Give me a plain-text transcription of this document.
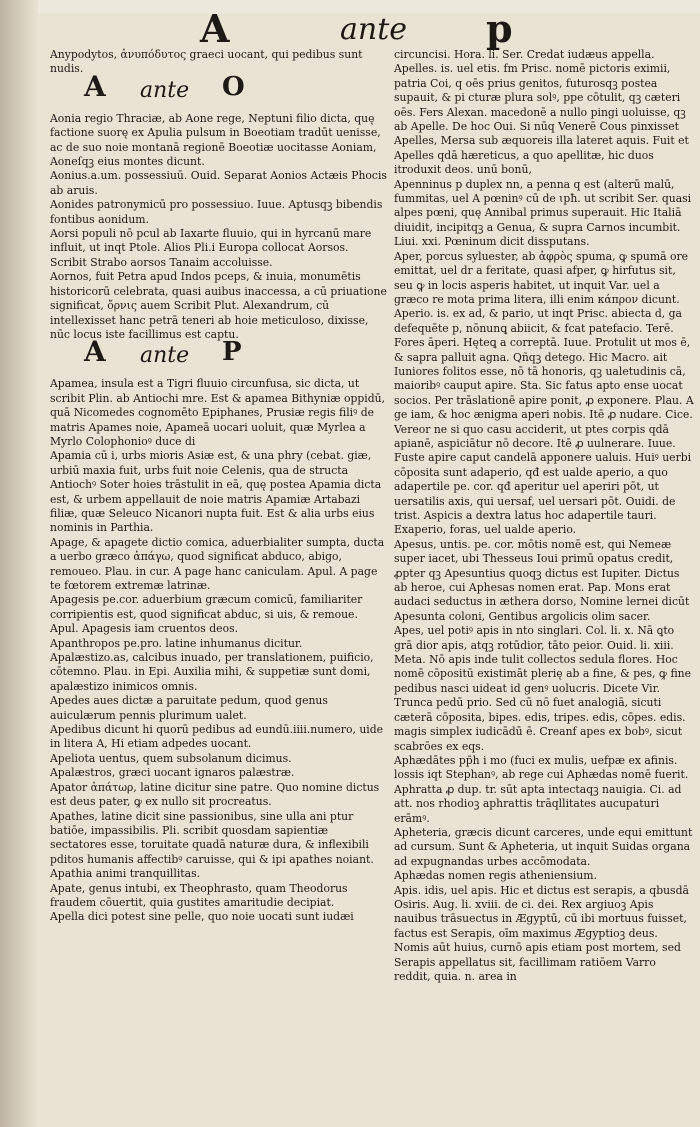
A	ante p

Anypodytos, ἀνυπόδυτος graeci uocant, qui pedibus sunt nudis.

A ante O

Aonia regio Thraciæ, ab Aone rege, Neptuni filio dicta, quę factione suorę ex Apulia pulsum in Boeotiam tradūt uenisse, ac de suo noie montanā regionē Boeotiæ uocitasse Aoniam, Aoneſqꝫ eius montes dicunt.

Aonius.a.um. possessiuū. Ouid. Separat Aonios Actæis Phocis ab aruis.

Aonides patronymicū pro possessiuo. Iuue. Aptusqꝫ bibendis fontibus aonidum.

Aorsi populi nō pcul ab Iaxarte fluuio, qui in hyrcanū mare influit, ut inqt Ptole. Alios Pli.i Europa collocat Aorsos. Scribit Strabo aorsos Tanaim accoluisse.

Aornos, fuit Petra apud Indos pceps, & inuia, monumētis historicorū celebrata, quasi auibus inaccessa, a cū priuatione significat, ὄρνις auem Scribit Plut. Alexandrum, cū intellexisset hanc petrā teneri ab hoie meticuloso, dixisse, nūc locus iste facillimus est captu.

A ante P

Apamea, insula est a Tigri fluuio circunfusa, sic dicta, ut scribit Plin. ab Antiochi mre. Est & apamea Bithyniæ oppidū, quā Nicomedes cognomēto Epiphanes, Prusiæ regis filiꝰ de matris Apames noie, Apameā uocari uoluit, quæ Myrlea a Myrlo Colophonioꝰ duce di

Apamia cū i, urbs mioris Asiæ est, & una phry (cebat. giæ, urbiū maxia fuit, urbs fuit noie Celenis, qua de structa Antiochꝰ Soter hoies trāstulit in eā, quę postea Apamia dicta est, & urbem appellauit de noie matris Apamiæ Artabazi filiæ, quæ Seleuco Nicanori nupta fuit. Est & alia urbs eius nominis in Parthia.

Apage, & apagete dictio comica, aduerbialiter sumpta, ducta a uerbo græco ἀπάγω, quod significat abduco, abigo, remoueo. Plau. in cur. A page hanc caniculam. Apul. A page te fœtorem extremæ latrinæ.

Apagesis pe.cor. aduerbium græcum comicū, familiariter corripientis est, quod significat abduc, si uis, & remoue. Apul. Apagesis iam cruentos deos.

Apanthropos pe.pro. latine inhumanus dicitur.

Apalæstizo.as, calcibus inuado, per translationem, puificio, cōtemno. Plau. in Epi. Auxilia mihi, & suppetiæ sunt domi, apalæstizo inimicos omnis.

Apedes aues dictæ a paruitate pedum, quod genus auiculærum pennis plurimum ualet.

Apedibus dicunt hi quorū pedibus ad eundū.iiii.numero, uide in litera A, Hi etiam adpedes uocant.

Apeliota uentus, quem subsolanum dicimus.

Apalæstros, græci uocant ignaros palæstræ.

Apator ἀπάτωρ, latine dicitur sine patre. Quo nomine dictus est deus pater, ꝙ ex nullo sit procreatus.

Apathes, latine dicit sine passionibus, sine ulla ani ptur batiōe, impassibilis. Pli. scribit quosdam sapientiæ sectatores esse, toruitate quadā naturæ dura, & inflexibili pditos humanis affectibꝰ caruisse, qui & ipi apathes noiant. Apathia animi tranquillitas.

Apate, genus intubi, ex Theophrasto, quam Theodorus fraudem cōuertit, quia gustites amaritudie decipiat.

Apella dici potest sine pelle, quo noie uocati sunt iudæi

circuncisi. Hora. li. Ser. Credat iudæus appella.

Apelles. is. uel etis. fm Prisc. nomē pictoris eximii, patria Coi, q oēs prius genitos, futurosqꝫ postea supauit, & pi cturæ plura solꝰ, ppe cōtulit, qꝫ cæteri oēs. Fers Alexan. macedonē a nullo pingi uoluisse, qꝫ ab Apelle. De hoc Oui. Si nūq Venerē Cous pinxisset Apelles, Mersa sub æquoreis illa lateret aquis. Fuit et Apelles qdā hæreticus, a quo apellitæ, hic duos itroduxit deos. unū bonū,

Apenninus p duplex nn, a penna q est (alterū malū, fummitas, uel A pœninꝰ cū de ɩpħ. ut scribit Ser. quasi alpes pœni, quę Annibal primus superauit. Hic Italiā diuidit, incipitqꝫ a Genua, & supra Carnos incumbit. Liui. xxi. Pœninum dicit dissputans.

Aper, porcus syluester, ab ἀφρὸς spuma, ꝙ spumā ore emittat, uel dr a feritate, quasi afper, ꝙ hirfutus sit, seu ꝙ in locis asperis habitet, ut inquit Var. uel a græco re mota prima litera, illi enim κάπρον dicunt.

Aperio. is. ex ad, & pario, ut inqt Prisc. abiecta d, ga defequēte p, nōnunꝗ abiicit, & fcat patefacio. Terē. Fores āperi. Hęteꝗ a correptā. Iuue. Protulit ut mos ē, & sapra palluit agna. Qñqꝫ detego. Hic Macro. ait Iuniores folitos esse, nō tā honoris, qꝫ ualetudinis cā, maioribꝰ cauput apire. Sta. Sic fatus apto ense uocat socios. Per trāslationē apire ponit, ꝓ exponere. Plau. A ge iam, & hoc ænigma aperi nobis. Itē ꝓ nudare. Cice. Vereor ne si quo casu acciderit, ut ptes corpis qdā apianē, aspiciātur nō decore. Itē ꝓ uulnerare. Iuue. Fuste apire caput candelā apponere ualuis. Huiꝰ uerbi cōposita sunt adaperio, qđ est ualde aperio, a quo adapertile pe. cor. qđ aperitur uel aperiri pōt, ut uersatilis axis, qui uersaf, uel uersari pōt. Ouidi. de trist. Aspicis a dextra latus hoc adapertile tauri. Exaperio, foras, uel ualde aperio.

Apesus, untis. pe. cor. mōtis nomē est, qui Nemeæ super iacet, ubi Thesseus Ioui primū opatus credit, ꝓpter qꝫ Apesuntius quoqꝫ dictus est Iupiter. Dictus ab heroe, cui Aphesas nomen erat. Pap. Mons erat audaci seductus in æthera dorso, Nomine lernei dicūt Apesunta coloni, Gentibus argolicis olim sacer.

Apes, uel potiꝰ apis in nto singlari. Col. li. x. Nā ꝗto grā dior apis, atqꝫ rotūdior, tāto peior. Ouid. li. xiii. Meta. Nō apis inde tulit collectos sedula flores. Hoc nomē cōpositū existimāt plerię ab a fine, & pes, ꝙ fine pedibus nasci uideat id genꝰ uolucris. Dicete Vir. Trunca pedū prio. Sed cū nō fuet analogiā, sicuti cæterā cōposita, bipes. edis, tripes. edis, cōpes. edis. magis simplex iudicādū ē. Creanf apes ex bobꝰ, sicut scabrōes ex eqs.

Aphædātes pp̄h i mo (fuci ex mulis, uefpæ ex afinis. lossis iqt Stephanꝰ, ab rege cui Aphædas nomē fuerit.

Aphratta ꝓ dup. tr. sūt apta intectaqꝫ nauigia. Ci. ad att. nos rhodioꝫ aphrattis trāqllitates aucupaturi erāmꝰ.

Apheteria, græcis dicunt carceres, unde equi emittunt ad cursum. Sunt & Apheteria, ut inquit Suidas organa ad expugnandas urbes accōmodata.

Aphædas nomen regis atheniensium.

Apis. idis, uel apis. Hic et dictus est serapis, a qbusdā Osiris. Aug. li. xviii. de ci. dei. Rex argiuoꝫ Apis nauibus trāsuectus in Ægyptū, cū ibi mortuus fuisset, factus est Serapis, oīm maximus Ægyptioꝫ deus. Nomis aūt huius, curnō apis etiam post mortem, sed Serapis appellatus sit, facillimam ratiōem Varro reddit, quia. n. area in
